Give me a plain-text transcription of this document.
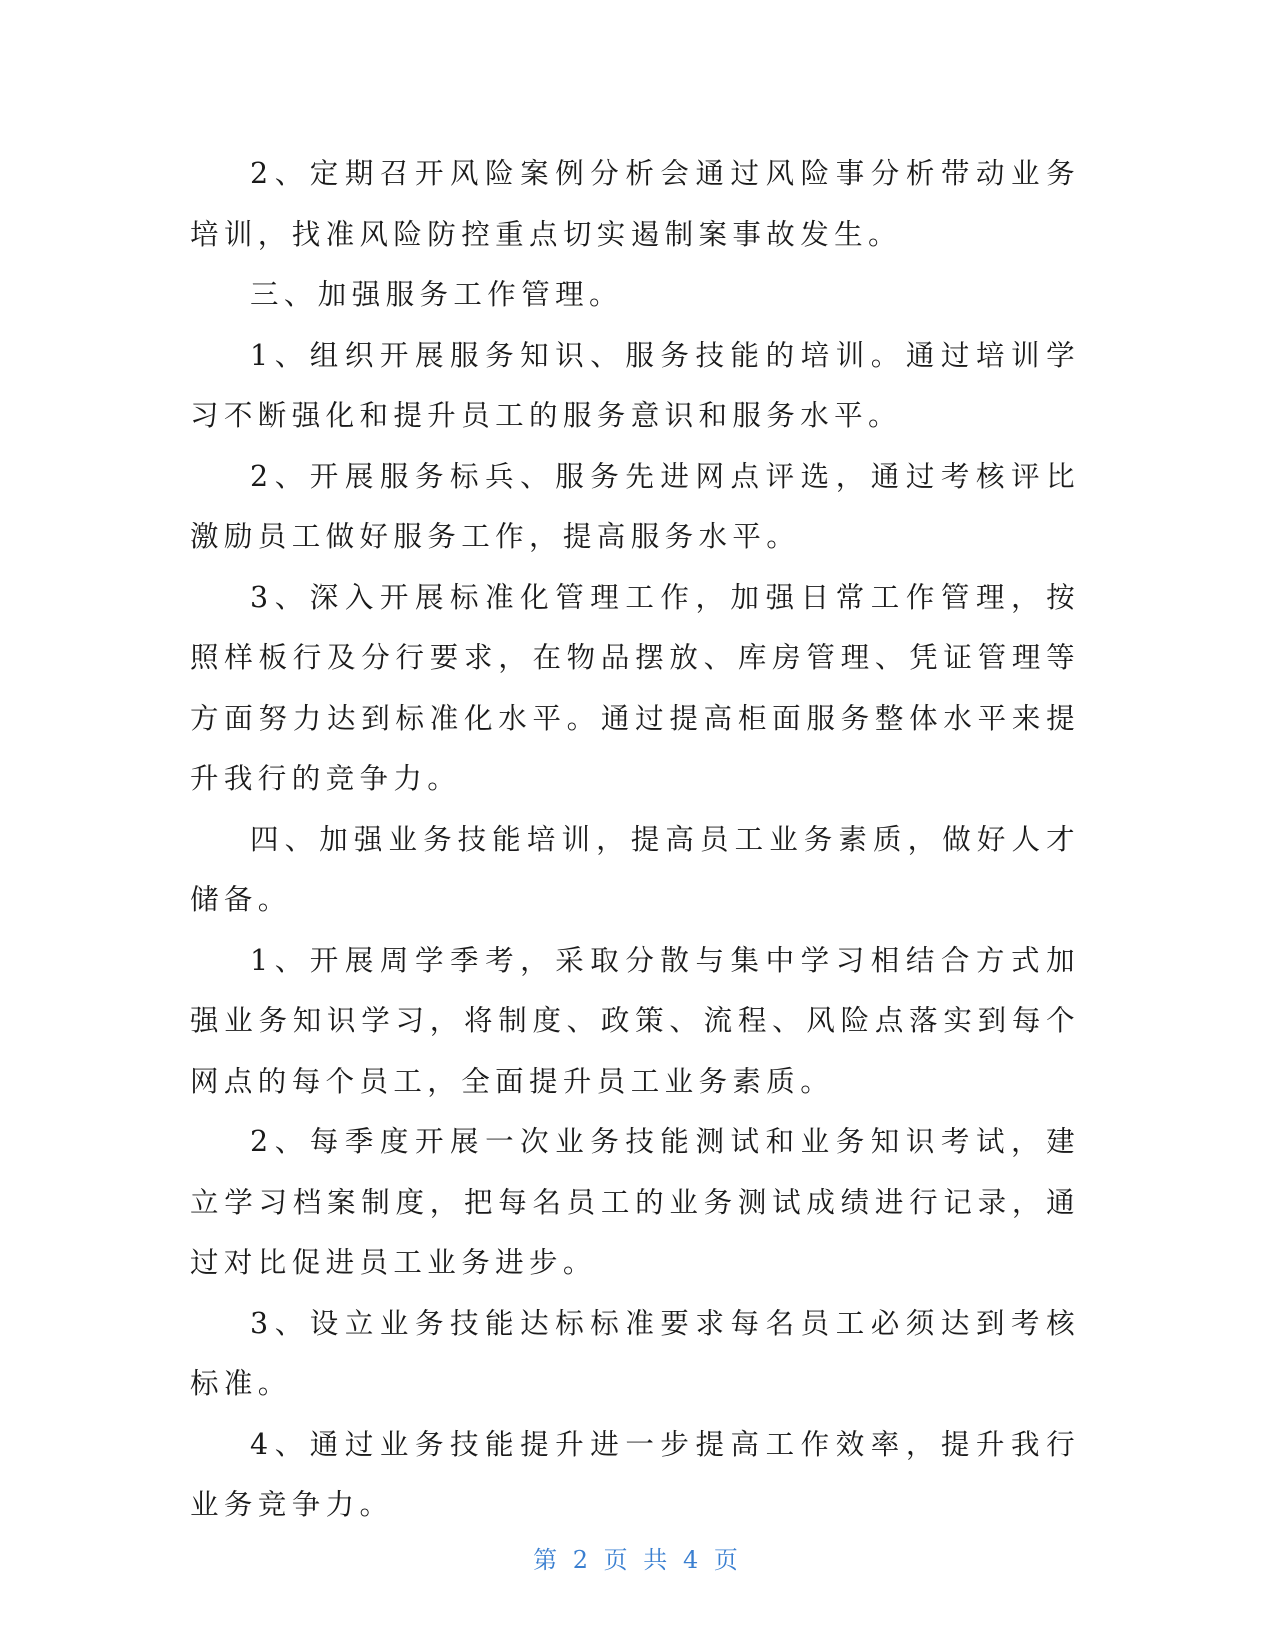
2、定期召开风险案例分析会通过风险事分析带动业务培训，找准风险防控重点切实遏制案事故发生。

三、加强服务工作管理。

1、组织开展服务知识、服务技能的培训。通过培训学习不断强化和提升员工的服务意识和服务水平。

2、开展服务标兵、服务先进网点评选，通过考核评比激励员工做好服务工作，提高服务水平。

3、深入开展标准化管理工作，加强日常工作管理，按照样板行及分行要求，在物品摆放、库房管理、凭证管理等方面努力达到标准化水平。通过提高柜面服务整体水平来提升我行的竞争力。

四、加强业务技能培训，提高员工业务素质，做好人才储备。

1、开展周学季考，采取分散与集中学习相结合方式加强业务知识学习，将制度、政策、流程、风险点落实到每个网点的每个员工，全面提升员工业务素质。

2、每季度开展一次业务技能测试和业务知识考试，建立学习档案制度，把每名员工的业务测试成绩进行记录，通过对比促进员工业务进步。

3、设立业务技能达标标准要求每名员工必须达到考核标准。

4、通过业务技能提升进一步提高工作效率，提升我行业务竞争力。

第 2 页 共 4 页
